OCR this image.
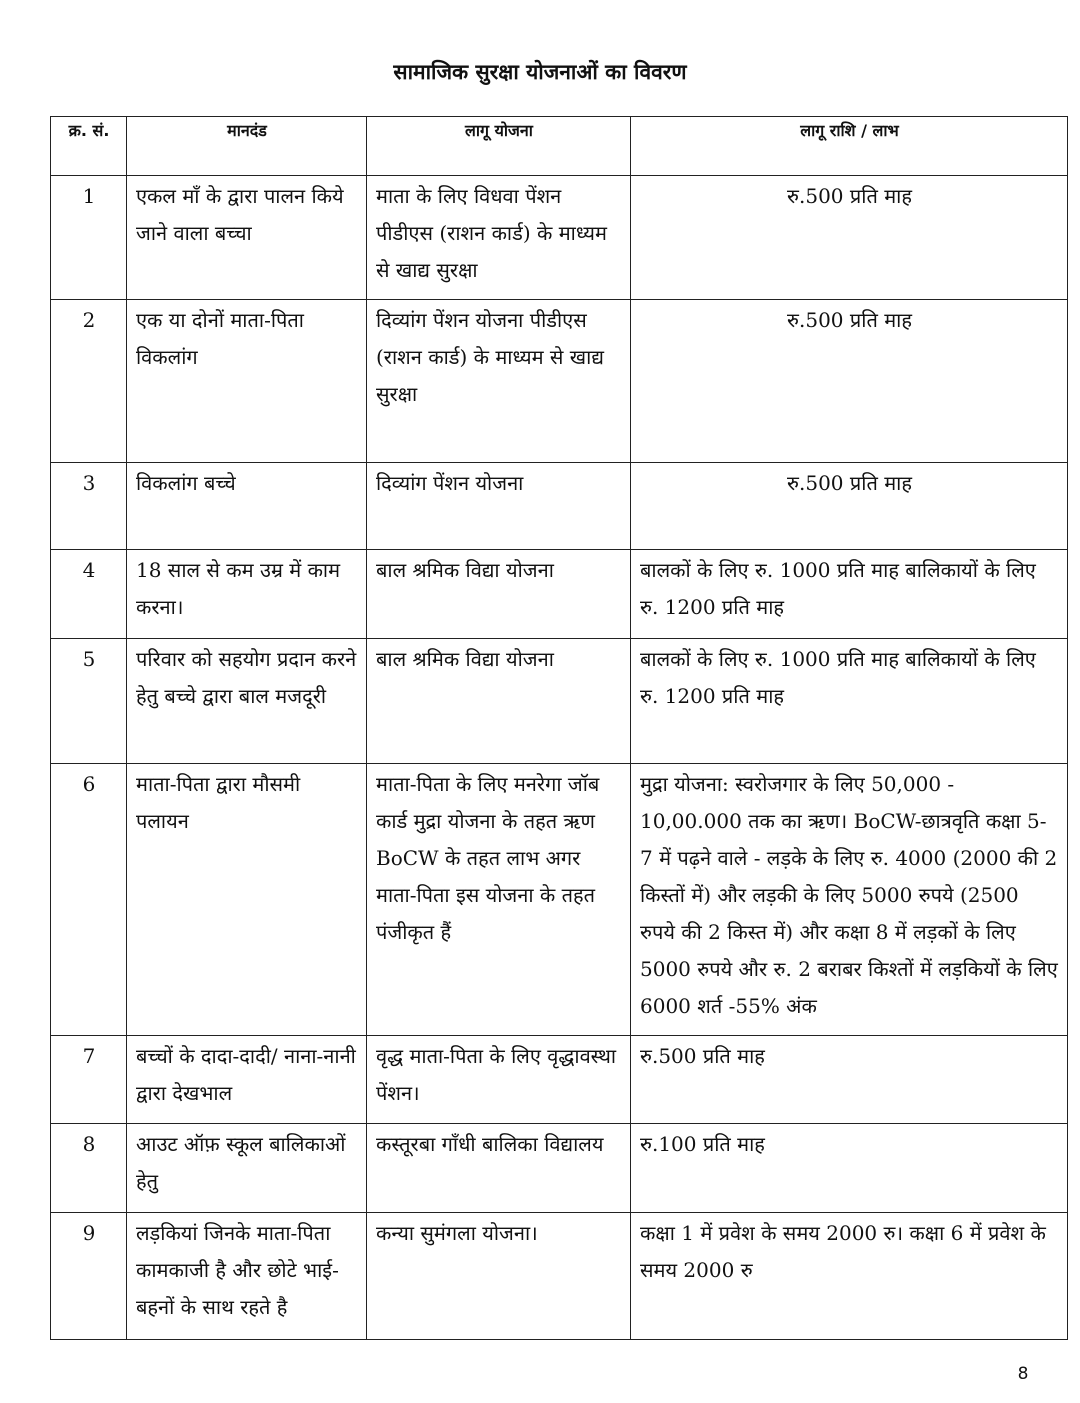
सामाजिक सुरक्षा योजनाओं का विवरण
क्र. सं.	मानदंड	लागू योजना	लागू राशि / लाभ
1	एकल माँ के द्वारा पालन किये जाने वाला बच्चा	माता के लिए विधवा पेंशन पीडीएस (राशन कार्ड) के माध्यम से खाद्य सुरक्षा	रु.500 प्रति माह
2	एक या दोनों माता-पिता विकलांग	दिव्यांग पेंशन योजना पीडीएस (राशन कार्ड) के माध्यम से खाद्य सुरक्षा	रु.500 प्रति माह
3	विकलांग बच्चे	दिव्यांग पेंशन योजना	रु.500 प्रति माह
4	18 साल से कम उम्र में काम करना।	बाल श्रमिक विद्या योजना	बालकों के लिए रु. 1000 प्रति माह बालिकायों के लिए रु. 1200 प्रति माह
5	परिवार को सहयोग प्रदान करने हेतु बच्चे द्वारा बाल मजदूरी	बाल श्रमिक विद्या योजना	बालकों के लिए रु. 1000 प्रति माह बालिकायों के लिए रु. 1200 प्रति माह
6	माता-पिता द्वारा मौसमी पलायन	माता-पिता के लिए मनरेगा जॉब कार्ड मुद्रा योजना के तहत ऋण BoCW के तहत लाभ अगर माता-पिता इस योजना के तहत पंजीकृत हैं	मुद्रा योजना: स्वरोजगार के लिए 50,000 - 10,00.000 तक का ऋण। BoCW-छात्रवृति कक्षा 5-7 में पढ़ने वाले - लड़के के लिए रु. 4000 (2000 की 2 किस्तों में) और लड़की के लिए 5000 रुपये (2500 रुपये की 2 किस्त में) और कक्षा 8 में लड़कों के लिए 5000 रुपये और रु. 2 बराबर किश्तों में लड़कियों के लिए 6000 शर्त -55% अंक
7	बच्चों के दादा-दादी/ नाना-नानी द्वारा देखभाल	वृद्ध माता-पिता के लिए वृद्धावस्था पेंशन।	रु.500 प्रति माह
8	आउट ऑफ़ स्कूल बालिकाओं हेतु	कस्तूरबा गाँधी बालिका विद्यालय	रु.100 प्रति माह
9	लड़कियां जिनके माता-पिता कामकाजी है और छोटे भाई-बहनों के साथ रहते है	कन्या सुमंगला योजना।	कक्षा 1 में प्रवेश के समय 2000 रु। कक्षा 6 में प्रवेश के समय 2000 रु
8
